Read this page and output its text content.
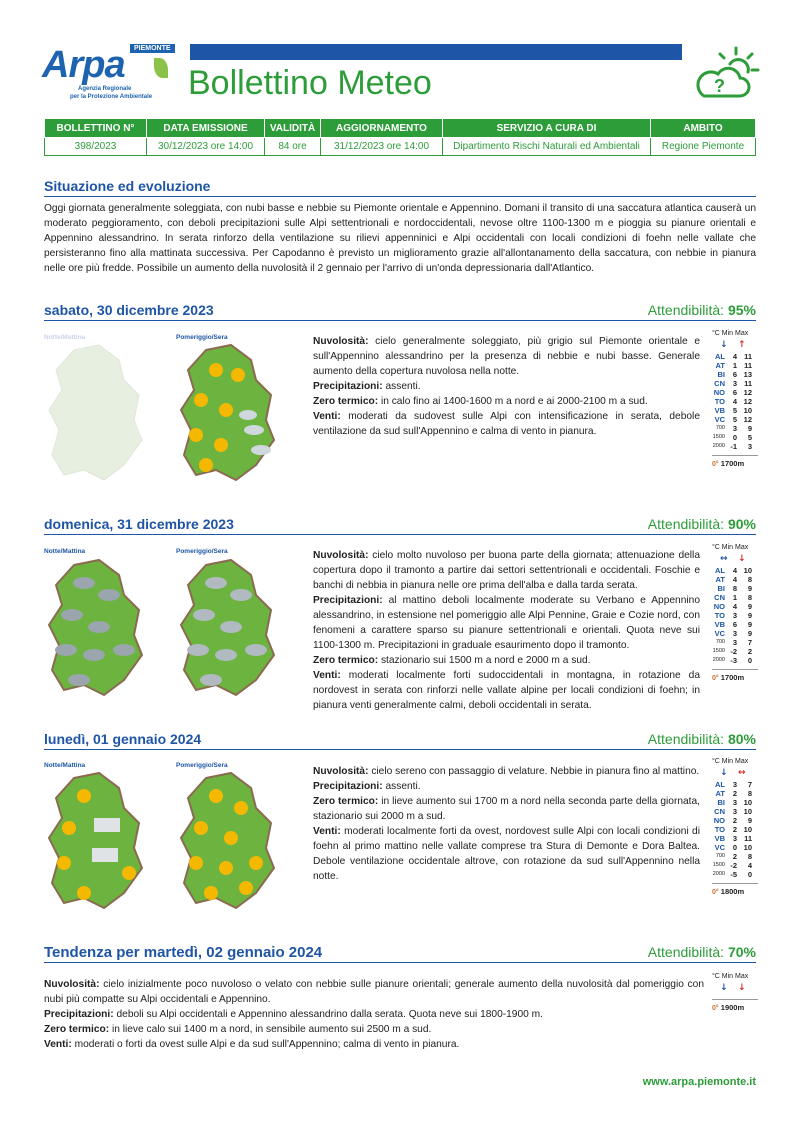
Arpa	PIEMONTE
Agenzia Regionale
per la Protezione Ambientale Bollettino Meteo	?
BOLLETTINO N°	DATA EMISSIONE	VALIDITÀ	AGGIORNAMENTO	SERVIZIO A CURA DI	AMBITO
398/2023	30/12/2023 ore 14:00	84 ore	31/12/2023 ore 14:00	Dipartimento Rischi Naturali ed Ambientali	Regione Piemonte
Situazione ed evoluzione
Oggi giornata generalmente soleggiata, con nubi basse e nebbie su Piemonte orientale e Appennino. Domani il transito di una saccatura atlantica causerà un moderato peggioramento, con deboli precipitazioni sulle Alpi settentrionali e nordoccidentali, nevose oltre 1100-1300 m e pioggia su pianure orientali e Appennino alessandrino. In serata rinforzo della ventilazione su rilievi appenninici e Alpi occidentali con locali condizioni di foehn nelle vallate che persisteranno fino alla mattinata successiva. Per Capodanno è previsto un miglioramento grazie all'allontanamento della saccatura, con nebbie in pianura nelle ore più fredde. Possibile un aumento della nuvolosità il 2 gennaio per l'arrivo di un'onda depressionaria dall'Atlantico.
sabato, 30 dicembre 2023	Attendibilità: 95%
Notte/Mattina	Pomeriggio/Sera	Nuvolosità: cielo generalmente soleggiato, più grigio sul Piemonte orientale e sull'Appennino alessandrino per la presenza di nebbie e nubi basse. Generale aumento della copertura nuvolosa nella notte.
Precipitazioni: assenti.
Zero termico: in calo fino ai 1400-1600 m a nord e ai 2000-2100 m a sud.
Venti: moderati da sudovest sulle Alpi con intensificazione in serata, debole ventilazione da sud sull'Appennino e calma di vento in pianura.
°C Min Max
↓ ↑
AL	4	11
AT	1	11
BI	6	13
CN	3	11
NO	6	12
TO	4	12
VB	5	10
VC	5	12
700	3	9
1500	0	5
2000	-1	3
0° 1700m
domenica, 31 dicembre 2023	Attendibilità: 90%
Notte/Mattina	Pomeriggio/Sera	Nuvolosità: cielo molto nuvoloso per buona parte della giornata; attenuazione della copertura dopo il tramonto a partire dai settori settentrionali e occidentali. Foschie e banchi di nebbia in pianura nelle ore prima dell'alba e dalla tarda serata.
Precipitazioni: al mattino deboli localmente moderate su Verbano e Appennino alessandrino, in estensione nel pomeriggio alle Alpi Pennine, Graie e Cozie nord, con fenomeni a carattere sparso su pianure settentrionali e orientali. Quota neve sui 1100-1300 m. Precipitazioni in graduale esaurimento dopo il tramonto.
Zero termico: stazionario sui 1500 m a nord e 2000 m a sud.
Venti: moderati localmente forti sudoccidentali in montagna, in rotazione da nordovest in serata con rinforzi nelle vallate alpine per locali condizioni di foehn; in pianura venti generalmente calmi, deboli occidentali in serata.
°C Min Max
↔ ↓
AL	4	10
AT	4	8
BI	8	9
CN	1	8
NO	4	9
TO	3	9
VB	6	9
VC	3	9
700	3	7
1500	-2	2
2000	-3	0
0° 1700m
lunedì, 01 gennaio 2024	Attendibilità: 80%
Notte/Mattina	Pomeriggio/Sera
Nuvolosità: cielo sereno con passaggio di velature. Nebbie in pianura fino al mattino.
Precipitazioni: assenti.
Zero termico: in lieve aumento sui 1700 m a nord nella seconda parte della giornata, stazionario sui 2000 m a sud.
Venti: moderati localmente forti da ovest, nordovest sulle Alpi con locali condizioni di foehn al primo mattino nelle vallate comprese tra Stura di Demonte e Dora Baltea. Debole ventilazione occidentale altrove, con rotazione da sud sull'Appennino nella notte.
°C Min Max
↓ ↔
AL	3	7
AT	2	8
BI	3	10
CN	3	10
NO	2	9
TO	2	10
VB	3	11
VC	0	10
700	2	8
1500	-2	4
2000	-5	0
0° 1800m
Tendenza per martedì, 02 gennaio 2024	Attendibilità: 70%
Nuvolosità: cielo inizialmente poco nuvoloso o velato con nebbie sulle pianure orientali; generale aumento della nuvolosità dal pomeriggio con nubi più compatte su Alpi occidentali e Appennino.
Precipitazioni: deboli su Alpi occidentali e Appennino alessandrino dalla serata. Quota neve sui 1800-1900 m.
Zero termico: in lieve calo sui 1400 m a nord, in sensibile aumento sui 2500 m a sud.
Venti: moderati o forti da ovest sulle Alpi e da sud sull'Appennino; calma di vento in pianura.
°C Min Max
↓ ↓
0° 1900m
www.arpa.piemonte.it
